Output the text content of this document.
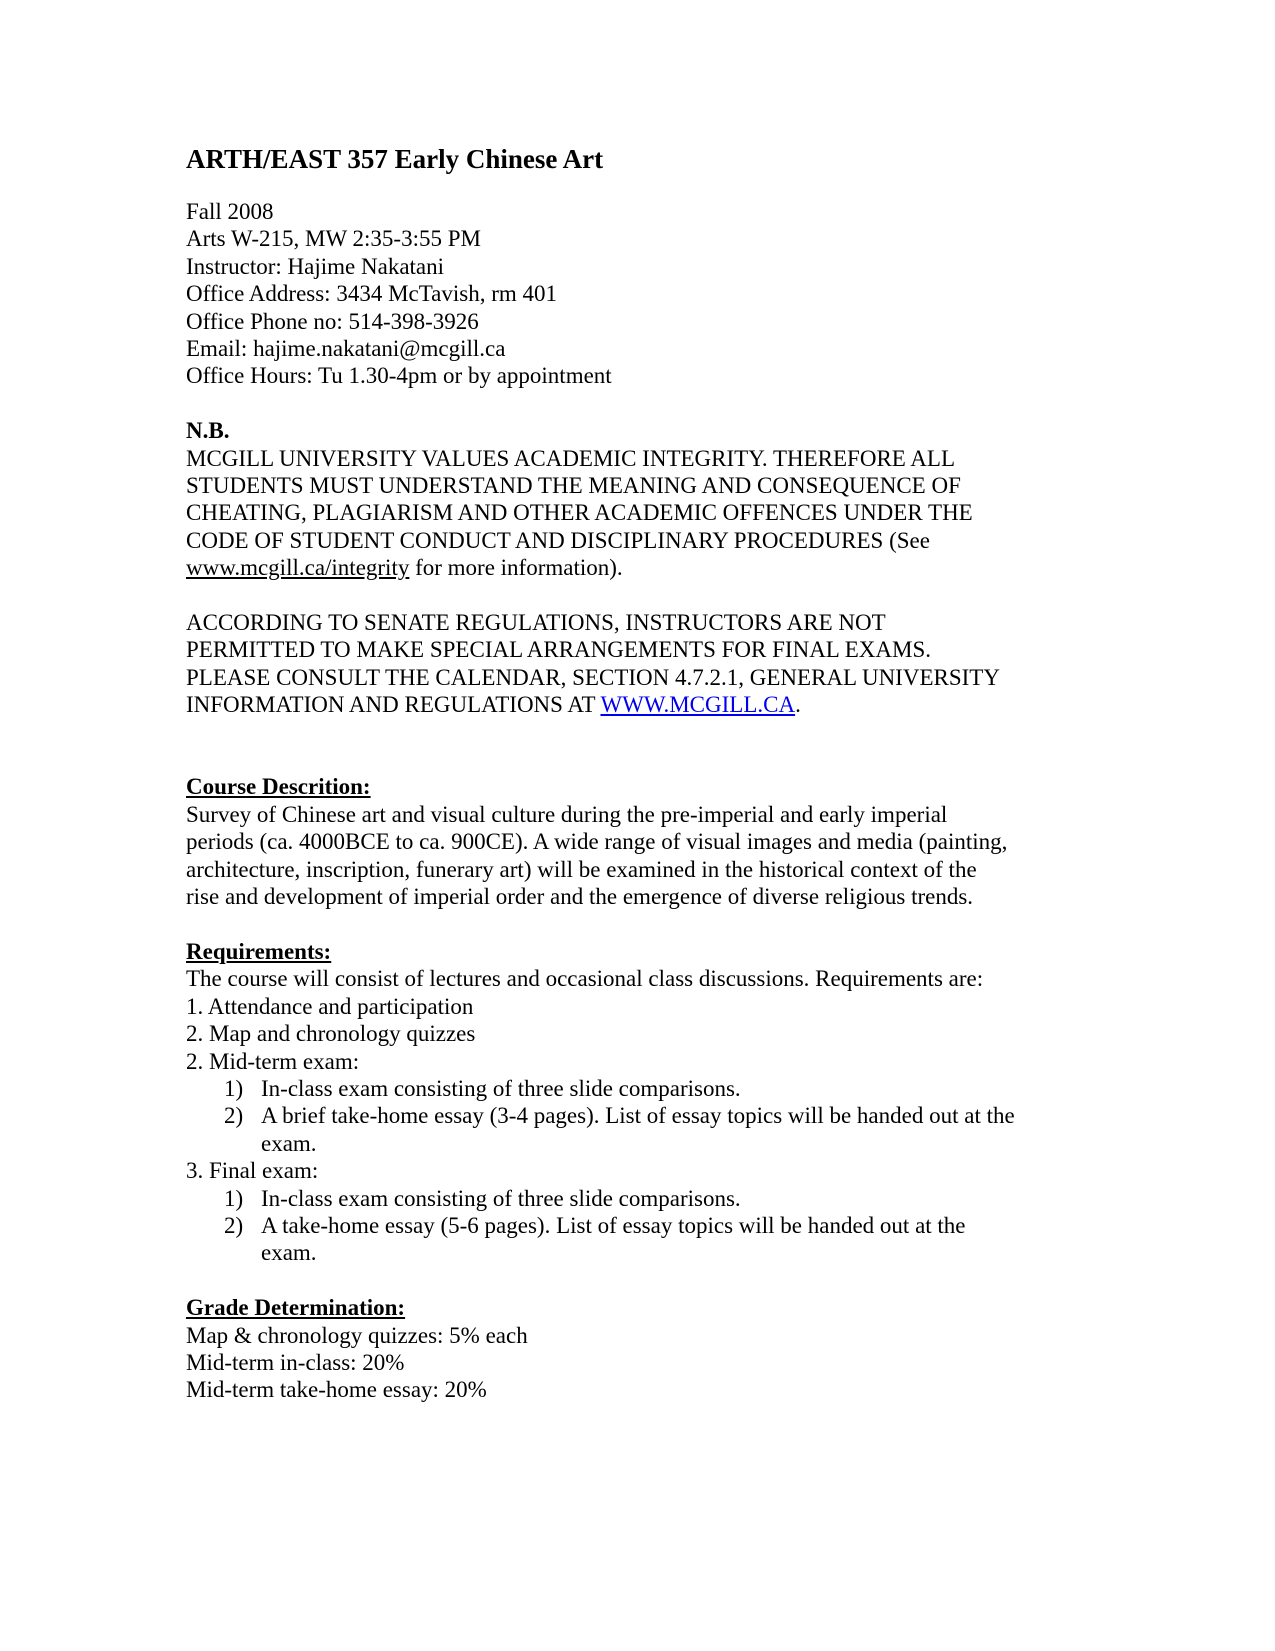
ARTH/EAST 357 Early Chinese Art
Fall 2008
Arts W-215, MW 2:35-3:55 PM
Instructor: Hajime Nakatani
Office Address: 3434 McTavish, rm 401
Office Phone no: 514-398-3926
Email: hajime.nakatani@mcgill.ca
Office Hours: Tu 1.30-4pm or by appointment
N.B.
MCGILL UNIVERSITY VALUES ACADEMIC INTEGRITY. THEREFORE ALL
STUDENTS MUST UNDERSTAND THE MEANING AND CONSEQUENCE OF
CHEATING, PLAGIARISM AND OTHER ACADEMIC OFFENCES UNDER THE
CODE OF STUDENT CONDUCT AND DISCIPLINARY PROCEDURES (See
www.mcgill.ca/integrity for more information).
ACCORDING TO SENATE REGULATIONS, INSTRUCTORS ARE NOT
PERMITTED TO MAKE SPECIAL ARRANGEMENTS FOR FINAL EXAMS.
PLEASE CONSULT THE CALENDAR, SECTION 4.7.2.1, GENERAL UNIVERSITY
INFORMATION AND REGULATIONS AT WWW.MCGILL.CA.
Course Descrition:
Survey of Chinese art and visual culture during the pre-imperial and early imperial
periods (ca. 4000BCE to ca. 900CE). A wide range of visual images and media (painting,
architecture, inscription, funerary art) will be examined in the historical context of the
rise and development of imperial order and the emergence of diverse religious trends.
Requirements:
The course will consist of lectures and occasional class discussions. Requirements are:
1. Attendance and participation
2. Map and chronology quizzes
2. Mid-term exam:
1) In-class exam consisting of three slide comparisons.
2) A brief take-home essay (3-4 pages). List of essay topics will be handed out at the
exam.
3. Final exam:
1) In-class exam consisting of three slide comparisons.
2) A take-home essay (5-6 pages). List of essay topics will be handed out at the
exam.
Grade Determination:
Map & chronology quizzes: 5% each
Mid-term in-class: 20%
Mid-term take-home essay: 20%
